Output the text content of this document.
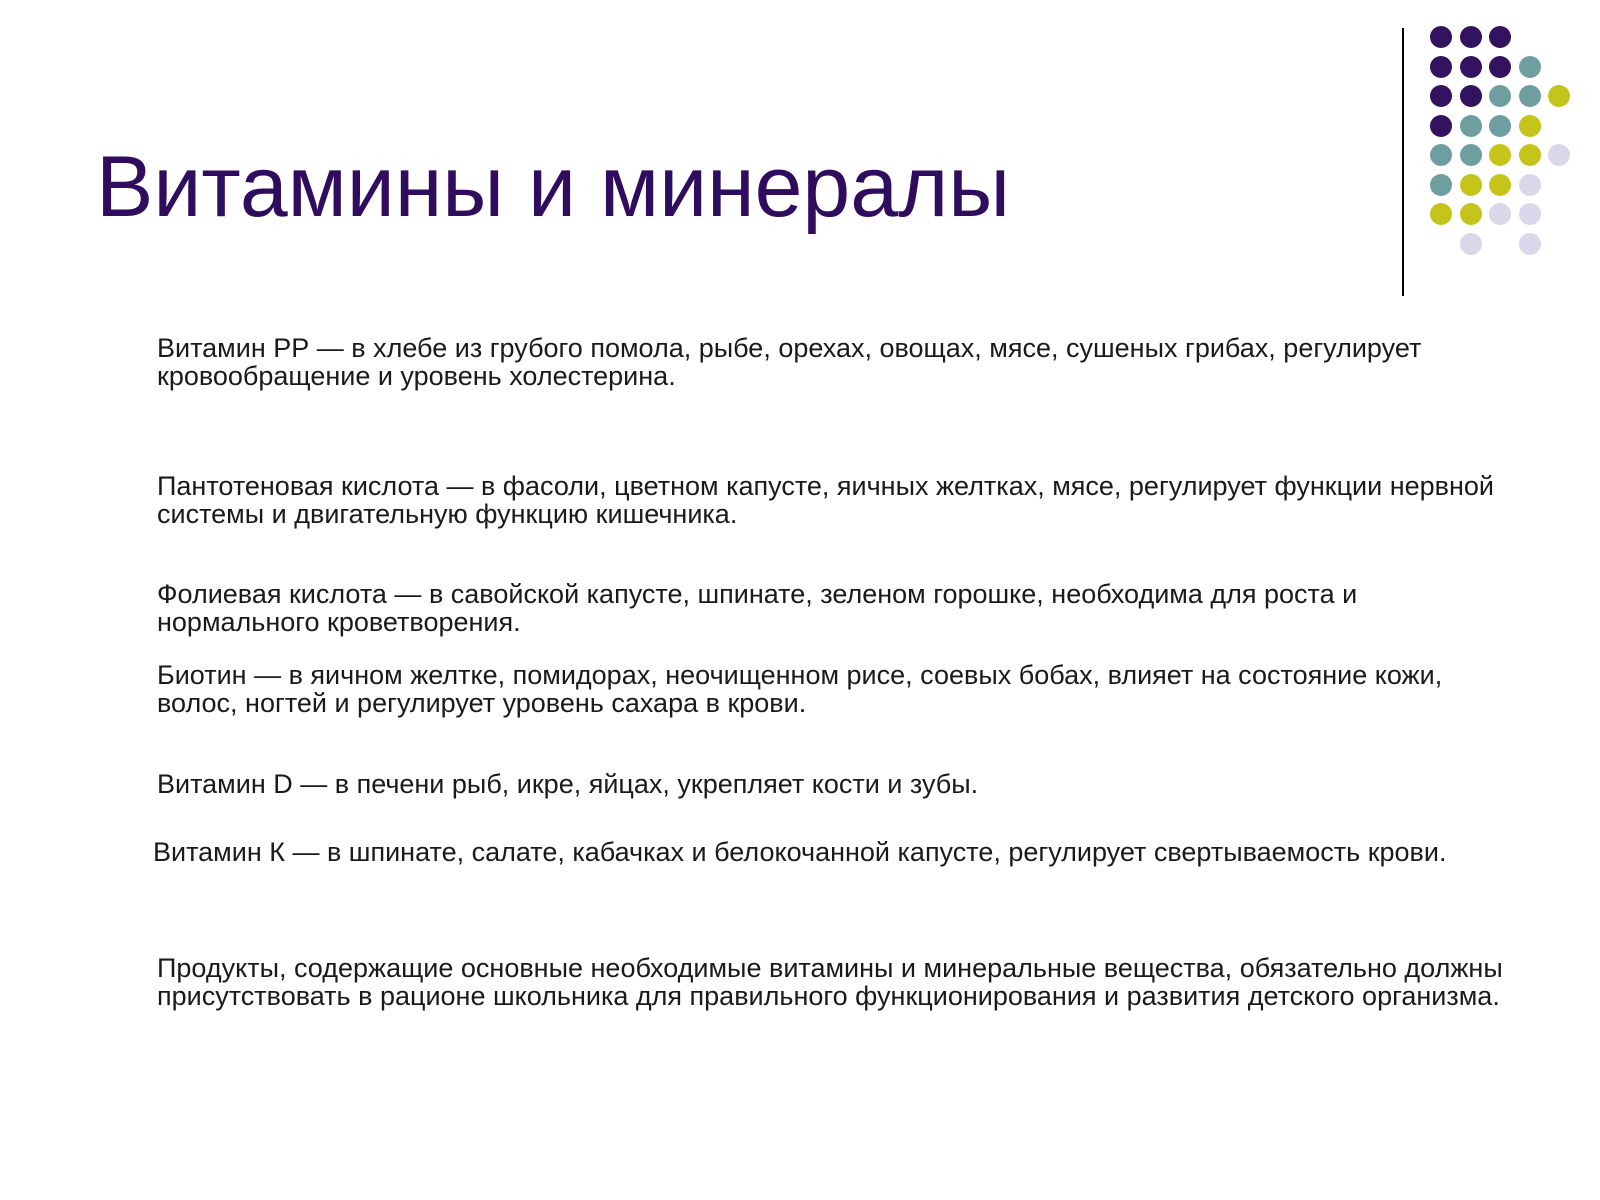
Витамины и минералы

Витамин РР — в хлебе из грубого помола, рыбе, орехах, овощах, мясе, сушеных грибах, регулирует кровообращение и уровень холестерина.

Пантотеновая кислота — в фасоли, цветном капусте, яичных желтках, мясе, регулирует функции нервной системы и двигательную функцию кишечника.

Фолиевая кислота — в савойской капусте, шпинате, зеленом горошке, необходима для роста и нормального кроветворения.

Биотин — в яичном желтке, помидорах, неочищенном рисе, соевых бобах, влияет на состояние кожи, волос, ногтей и регулирует уровень сахара в крови.

Витамин D — в печени рыб, икре, яйцах, укрепляет кости и зубы.

Витамин К — в шпинате, салате, кабачках и белокочанной капусте, регулирует свертываемость крови.

Продукты, содержащие основные необходимые витамины и минеральные вещества, обязательно должны присутствовать в рационе школьника для правильного функционирования и развития детского организма.
